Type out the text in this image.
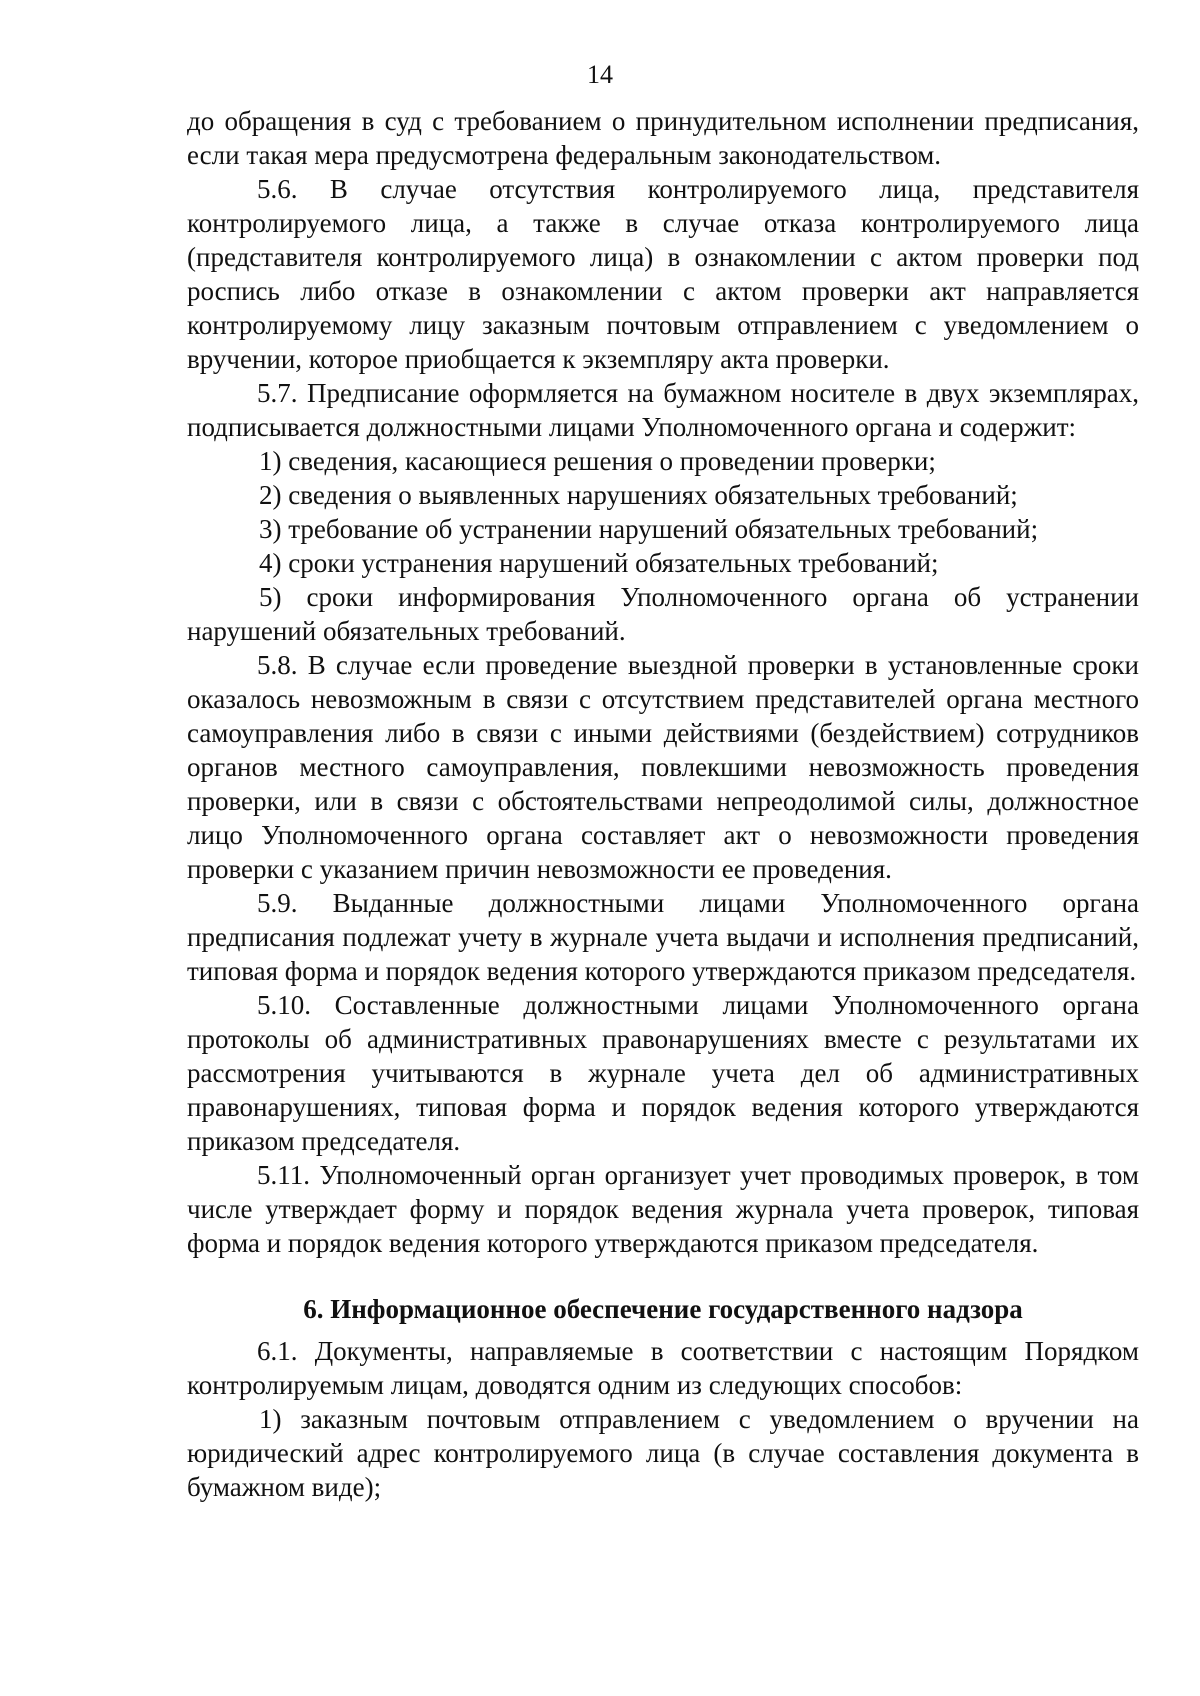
14

до обращения в суд с требованием о принудительном исполнении предписания, если такая мера предусмотрена федеральным законодательством.

5.6. В случае отсутствия контролируемого лица, представителя контролируемого лица, а также в случае отказа контролируемого лица (представителя контролируемого лица) в ознакомлении с актом проверки под роспись либо отказе в ознакомлении с актом проверки акт направляется контролируемому лицу заказным почтовым отправлением с уведомлением о вручении, которое приобщается к экземпляру акта проверки.

5.7. Предписание оформляется на бумажном носителе в двух экземплярах, подписывается должностными лицами Уполномоченного органа и содержит:

1) сведения, касающиеся решения о проведении проверки;

2) сведения о выявленных нарушениях обязательных требований;

3) требование об устранении нарушений обязательных требований;

4) сроки устранения нарушений обязательных требований;

5) сроки информирования Уполномоченного органа об устранении нарушений обязательных требований.

5.8. В случае если проведение выездной проверки в установленные сроки оказалось невозможным в связи с отсутствием представителей органа местного самоуправления либо в связи с иными действиями (бездействием) сотрудников органов местного самоуправления, повлекшими невозможность проведения проверки, или в связи с обстоятельствами непреодолимой силы, должностное лицо Уполномоченного органа составляет акт о невозможности проведения проверки с указанием причин невозможности ее проведения.

5.9. Выданные должностными лицами Уполномоченного органа предписания подлежат учету в журнале учета выдачи и исполнения предписаний, типовая форма и порядок ведения которого утверждаются приказом председателя.

5.10. Составленные должностными лицами Уполномоченного органа протоколы об административных правонарушениях вместе с результатами их рассмотрения учитываются в журнале учета дел об административных правонарушениях, типовая форма и порядок ведения которого утверждаются приказом председателя.

5.11. Уполномоченный орган организует учет проводимых проверок, в том числе утверждает форму и порядок ведения журнала учета проверок, типовая форма и порядок ведения которого утверждаются приказом председателя.

6. Информационное обеспечение государственного надзора

6.1. Документы, направляемые в соответствии с настоящим Порядком контролируемым лицам, доводятся одним из следующих способов:

1) заказным почтовым отправлением с уведомлением о вручении на юридический адрес контролируемого лица (в случае составления документа в бумажном виде);
